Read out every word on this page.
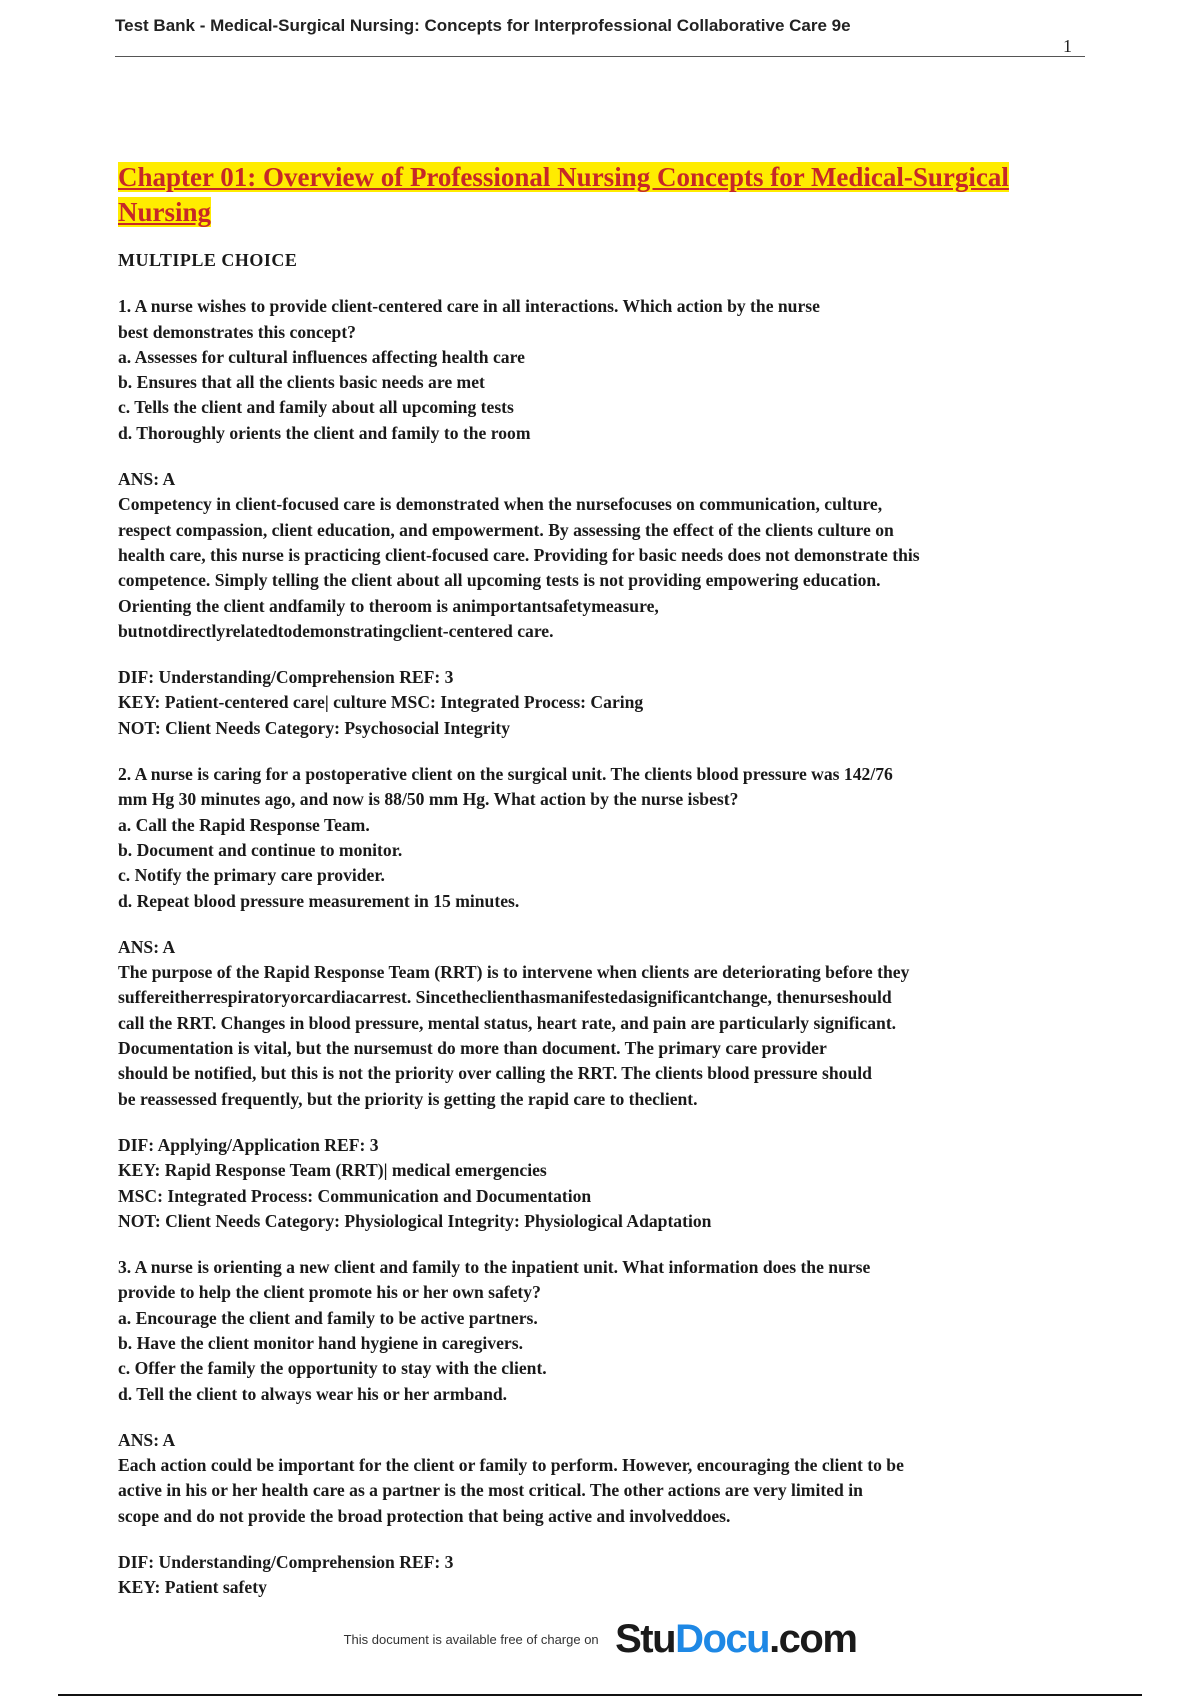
Test Bank - Medical-Surgical Nursing: Concepts for Interprofessional Collaborative Care 9e
1
Chapter 01: Overview of Professional Nursing Concepts for Medical-Surgical Nursing
MULTIPLE CHOICE
1. A nurse wishes to provide client-centered care in all interactions. Which action by the nurse
best demonstrates this concept?
a. Assesses for cultural influences affecting health care
b. Ensures that all the clients basic needs are met
c. Tells the client and family about all upcoming tests
d. Thoroughly orients the client and family to the room
ANS: A
Competency in client-focused care is demonstrated when the nursefocuses on communication, culture,
respect compassion, client education, and empowerment. By assessing the effect of the clients culture on
health care, this nurse is practicing client-focused care. Providing for basic needs does not demonstrate this
competence. Simply telling the client about all upcoming tests is not providing empowering education.
Orienting the client andfamily to theroom is animportantsafetymeasure,
butnotdirectlyrelatedtodemonstratingclient-centered care.
DIF: Understanding/Comprehension REF: 3
KEY: Patient-centered care| culture MSC: Integrated Process: Caring
NOT: Client Needs Category: Psychosocial Integrity
2. A nurse is caring for a postoperative client on the surgical unit. The clients blood pressure was 142/76
mm Hg 30 minutes ago, and now is 88/50 mm Hg. What action by the nurse isbest?
a. Call the Rapid Response Team.
b. Document and continue to monitor.
c. Notify the primary care provider.
d. Repeat blood pressure measurement in 15 minutes.
ANS: A
The purpose of the Rapid Response Team (RRT) is to intervene when clients are deteriorating before they
suffereitherrespiratoryorcardiacarrest. Sincetheclienthasmanifestedasignificantchange, thenurseshould
call the RRT. Changes in blood pressure, mental status, heart rate, and pain are particularly significant.
Documentation is vital, but the nursemust do more than document. The primary care provider
should be notified, but this is not the priority over calling the RRT. The clients blood pressure should
be reassessed frequently, but the priority is getting the rapid care to theclient.
DIF: Applying/Application REF: 3
KEY: Rapid Response Team (RRT)| medical emergencies
MSC: Integrated Process: Communication and Documentation
NOT: Client Needs Category: Physiological Integrity: Physiological Adaptation
3. A nurse is orienting a new client and family to the inpatient unit. What information does the nurse
provide to help the client promote his or her own safety?
a. Encourage the client and family to be active partners.
b. Have the client monitor hand hygiene in caregivers.
c. Offer the family the opportunity to stay with the client.
d. Tell the client to always wear his or her armband.
ANS: A
Each action could be important for the client or family to perform. However, encouraging the client to be
active in his or her health care as a partner is the most critical. The other actions are very limited in
scope and do not provide the broad protection that being active and involveddoes.
DIF: Understanding/Comprehension REF: 3
KEY: Patient safety
This document is available free of charge on StuDocu.com
